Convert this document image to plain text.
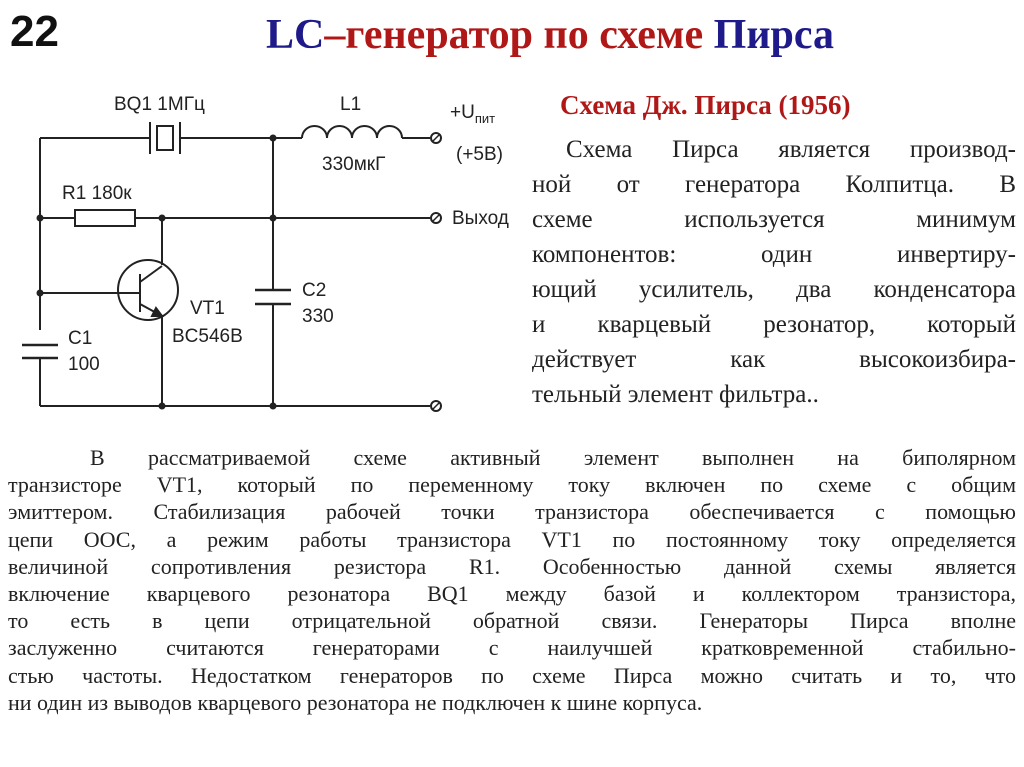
22	LC–генератор по схеме Пирса
Схема Дж. Пирса (1956)
Схема Пирса является производ-
ной от генератора Колпитца. В
схеме используется минимум
компонентов: один инвертиру-
ющий усилитель, два конденсатора
и кварцевый резонатор, который
действует как высокоизбира-
тельный элемент фильтра..
В рассматриваемой схеме активный элемент выполнен на биполярном
транзисторе VT1, который по переменному току включен по схеме с общим
эмиттером. Стабилизация рабочей точки транзистора обеспечивается с помощью
цепи ООС, а режим работы транзистора VT1 по постоянному току определяется
величиной сопротивления резистора R1. Особенностью данной схемы является
включение кварцевого резонатора BQ1 между базой и коллектором транзистора,
то есть в цепи отрицательной обратной связи. Генераторы Пирса вполне
заслуженно считаются генераторами с наилучшей кратковременной стабильно-
стью частоты. Недостатком генераторов по схеме Пирса можно считать и то, что
ни один из выводов кварцевого резонатора не подключен к шине корпуса.
BQ1 1МГц	L1
330мкГ
$+U_{пит}$
(+5В)
R1 180к
Выход
C2
330
VT1
BC546B
C1
100
